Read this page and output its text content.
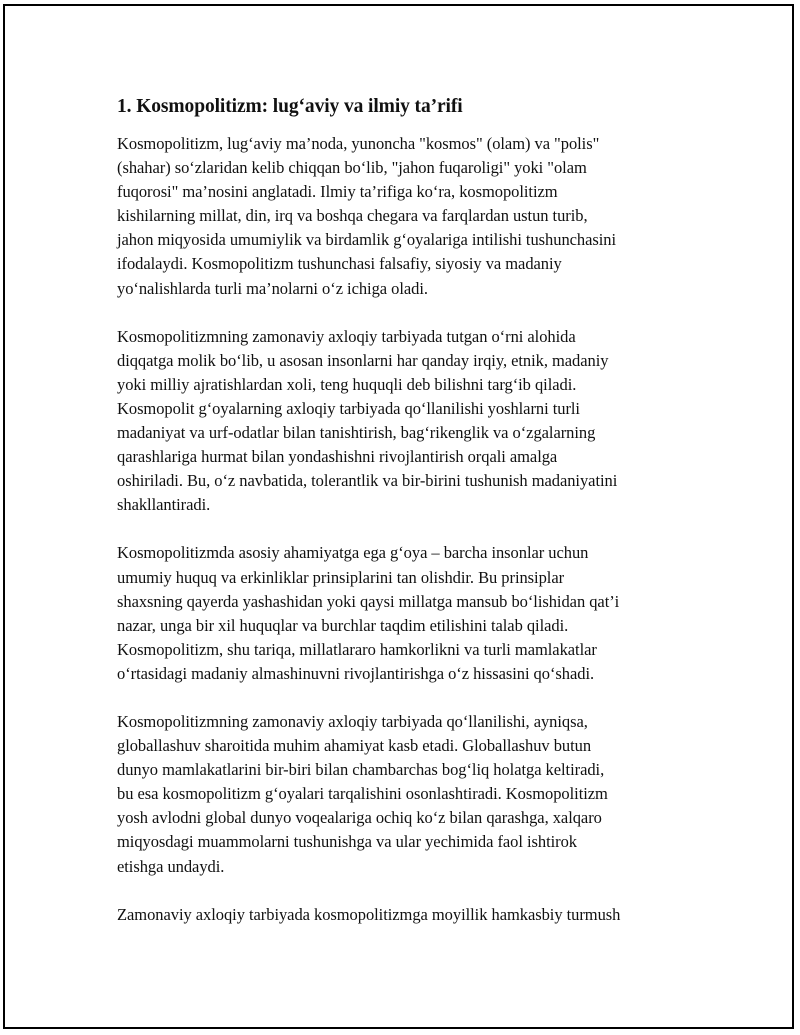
1. Kosmopolitizm: lug‘aviy va ilmiy ta’rifi

Kosmopolitizm, lug‘aviy ma’noda, yunoncha "kosmos" (olam) va "polis"
(shahar) so‘zlaridan kelib chiqqan bo‘lib, "jahon fuqaroligi" yoki "olam
fuqorosi" ma’nosini anglatadi. Ilmiy ta’rifiga ko‘ra, kosmopolitizm
kishilarning millat, din, irq va boshqa chegara va farqlardan ustun turib,
jahon miqyosida umumiylik va birdamlik g‘oyalariga intilishi tushunchasini
ifodalaydi. Kosmopolitizm tushunchasi falsafiy, siyosiy va madaniy
yo‘nalishlarda turli ma’nolarni o‘z ichiga oladi.

Kosmopolitizmning zamonaviy axloqiy tarbiyada tutgan o‘rni alohida
diqqatga molik bo‘lib, u asosan insonlarni har qanday irqiy, etnik, madaniy
yoki milliy ajratishlardan xoli, teng huquqli deb bilishni targ‘ib qiladi.
Kosmopolit g‘oyalarning axloqiy tarbiyada qo‘llanilishi yoshlarni turli
madaniyat va urf-odatlar bilan tanishtirish, bag‘rikenglik va o‘zgalarning
qarashlariga hurmat bilan yondashishni rivojlantirish orqali amalga
oshiriladi. Bu, o‘z navbatida, tolerantlik va bir-birini tushunish madaniyatini
shakllantiradi.

Kosmopolitizmda asosiy ahamiyatga ega g‘oya – barcha insonlar uchun
umumiy huquq va erkinliklar prinsiplarini tan olishdir. Bu prinsiplar
shaxsning qayerda yashashidan yoki qaysi millatga mansub bo‘lishidan qat’i
nazar, unga bir xil huquqlar va burchlar taqdim etilishini talab qiladi.
Kosmopolitizm, shu tariqa, millatlararo hamkorlikni va turli mamlakatlar
o‘rtasidagi madaniy almashinuvni rivojlantirishga o‘z hissasini qo‘shadi.

Kosmopolitizmning zamonaviy axloqiy tarbiyada qo‘llanilishi, ayniqsa,
globallashuv sharoitida muhim ahamiyat kasb etadi. Globallashuv butun
dunyo mamlakatlarini bir-biri bilan chambarchas bog‘liq holatga keltiradi,
bu esa kosmopolitizm g‘oyalari tarqalishini osonlashtiradi. Kosmopolitizm
yosh avlodni global dunyo voqealariga ochiq ko‘z bilan qarashga, xalqaro
miqyosdagi muammolarni tushunishga va ular yechimida faol ishtirok
etishga undaydi.

Zamonaviy axloqiy tarbiyada kosmopolitizmga moyillik hamkasbiy turmush
